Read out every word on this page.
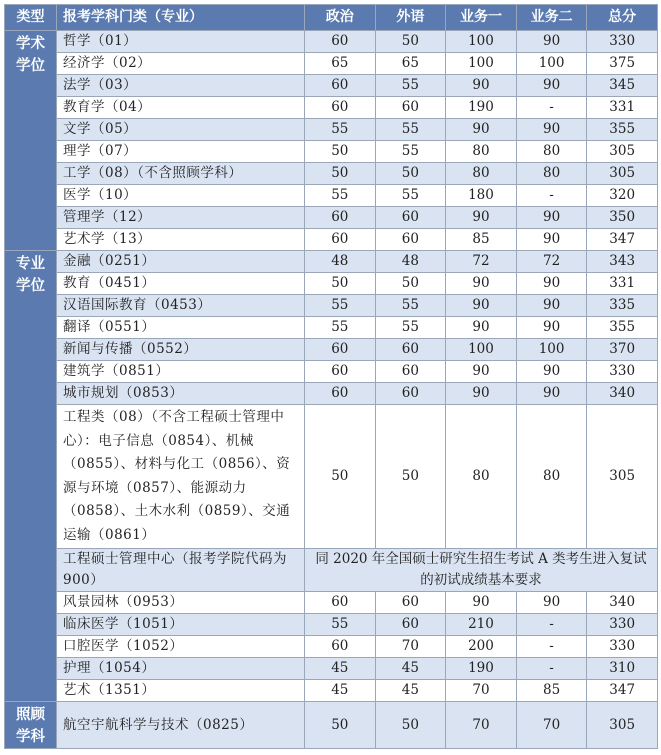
类型	报考学科门类（专业）	政治	外语	业务一	业务二	总分
学术学位	哲学（01）	60	50	100	90	330
	经济学（02）	65	65	100	100	375
	法学（03）	60	55	90	90	345
	教育学（04）	60	60	190	-	331
	文学（05）	55	55	90	90	355
	理学（07）	50	55	80	80	305
	工学（08）（不含照顾学科）	50	50	80	80	305
	医学（10）	55	55	180	-	320
	管理学（12）	60	60	90	90	350
	艺术学（13）	60	60	85	90	347
专业学位	金融（0251）	48	48	72	72	343
	教育（0451）	50	50	90	90	331
	汉语国际教育（0453）	55	55	90	90	335
	翻译（0551）	55	55	90	90	355
	新闻与传播（0552）	60	60	100	100	370
	建筑学（0851）	60	60	90	90	330
	城市规划（0853）	60	60	90	90	340
	工程类（08）（不含工程硕士管理中心）：电子信息（0854）、机械（0855）、材料与化工（0856）、资源与环境（0857）、能源动力（0858）、土木水利（0859）、交通运输（0861）	50	50	80	80	305
	工程硕士管理中心（报考学院代码为900）	同 2020 年全国硕士研究生招生考试 A 类考生进入复试的初试成绩基本要求				
	风景园林（0953）	60	60	90	90	340
	临床医学（1051）	55	60	210	-	330
	口腔医学（1052）	60	70	200	-	330
	护理（1054）	45	45	190	-	310
	艺术（1351）	45	45	70	85	347
照顾学科	航空宇航科学与技术（0825）	50	50	70	70	305
